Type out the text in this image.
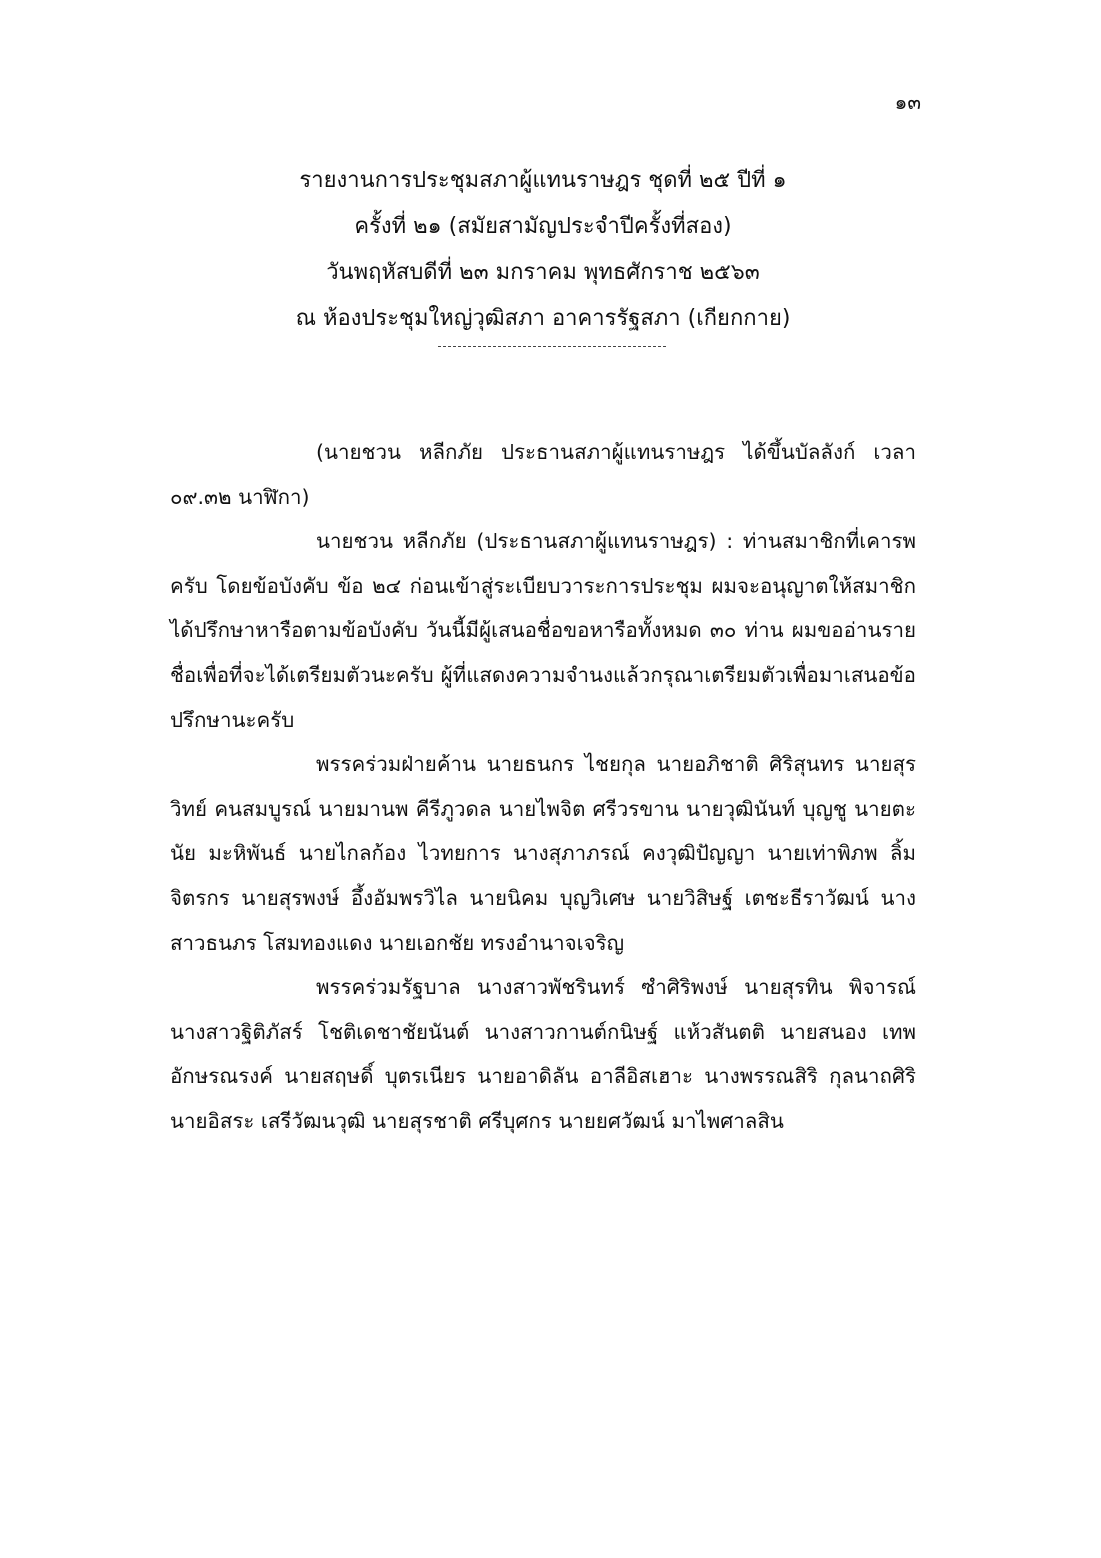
๑๓
รายงานการประชุมสภาผู้แทนราษฎร ชุดที่ ๒๕ ปีที่ ๑
ครั้งที่ ๒๑ (สมัยสามัญประจำปีครั้งที่สอง)
วันพฤหัสบดีที่ ๒๓ มกราคม พุทธศักราช ๒๕๖๓
ณ ห้องประชุมใหญ่วุฒิสภา อาคารรัฐสภา (เกียกกาย)

(นายชวน หลีกภัย ประธานสภาผู้แทนราษฎร ได้ขึ้นบัลลังก์ เวลา ๐๙.๓๒ นาฬิกา)

นายชวน หลีกภัย (ประธานสภาผู้แทนราษฎร) : ท่านสมาชิกที่เคารพครับ โดยข้อบังคับ ข้อ ๒๔ ก่อนเข้าสู่ระเบียบวาระการประชุม ผมจะอนุญาตให้สมาชิกได้ปรึกษาหารือตามข้อบังคับ วันนี้มีผู้เสนอชื่อขอหารือทั้งหมด ๓๐ ท่าน ผมขออ่านรายชื่อเพื่อที่จะได้เตรียมตัวนะครับ ผู้ที่แสดงความจำนงแล้วกรุณาเตรียมตัวเพื่อมาเสนอข้อปรึกษานะครับ

พรรคร่วมฝ่ายค้าน นายธนกร ไชยกุล นายอภิชาติ ศิริสุนทร นายสุรวิทย์ คนสมบูรณ์ นายมานพ คีรีภูวดล นายไพจิต ศรีวรขาน นายวุฒินันท์ บุญชู นายตะนัย มะหิพันธ์ นายไกลก้อง ไวทยการ นางสุภาภรณ์ คงวุฒิปัญญา นายเท่าพิภพ ลิ้มจิตรกร นายสุรพงษ์ อึ้งอัมพรวิไล นายนิคม บุญวิเศษ นายวิสิษฐ์ เตชะธีราวัฒน์ นางสาวธนภร โสมทองแดง นายเอกชัย ทรงอำนาจเจริญ

พรรคร่วมรัฐบาล นางสาวพัชรินทร์ ซำศิริพงษ์ นายสุรทิน พิจารณ์ นางสาวฐิติภัสร์ โชติเดชาชัยนันต์ นางสาวกานต์กนิษฐ์ แห้วสันตติ นายสนอง เทพอักษรณรงค์ นายสฤษดิ์ บุตรเนียร นายอาดิลัน อาลีอิสเฮาะ นางพรรณสิริ กุลนาถศิริ นายอิสระ เสรีวัฒนวุฒิ นายสุรชาติ ศรีบุศกร นายยศวัฒน์ มาไพศาลสิน
